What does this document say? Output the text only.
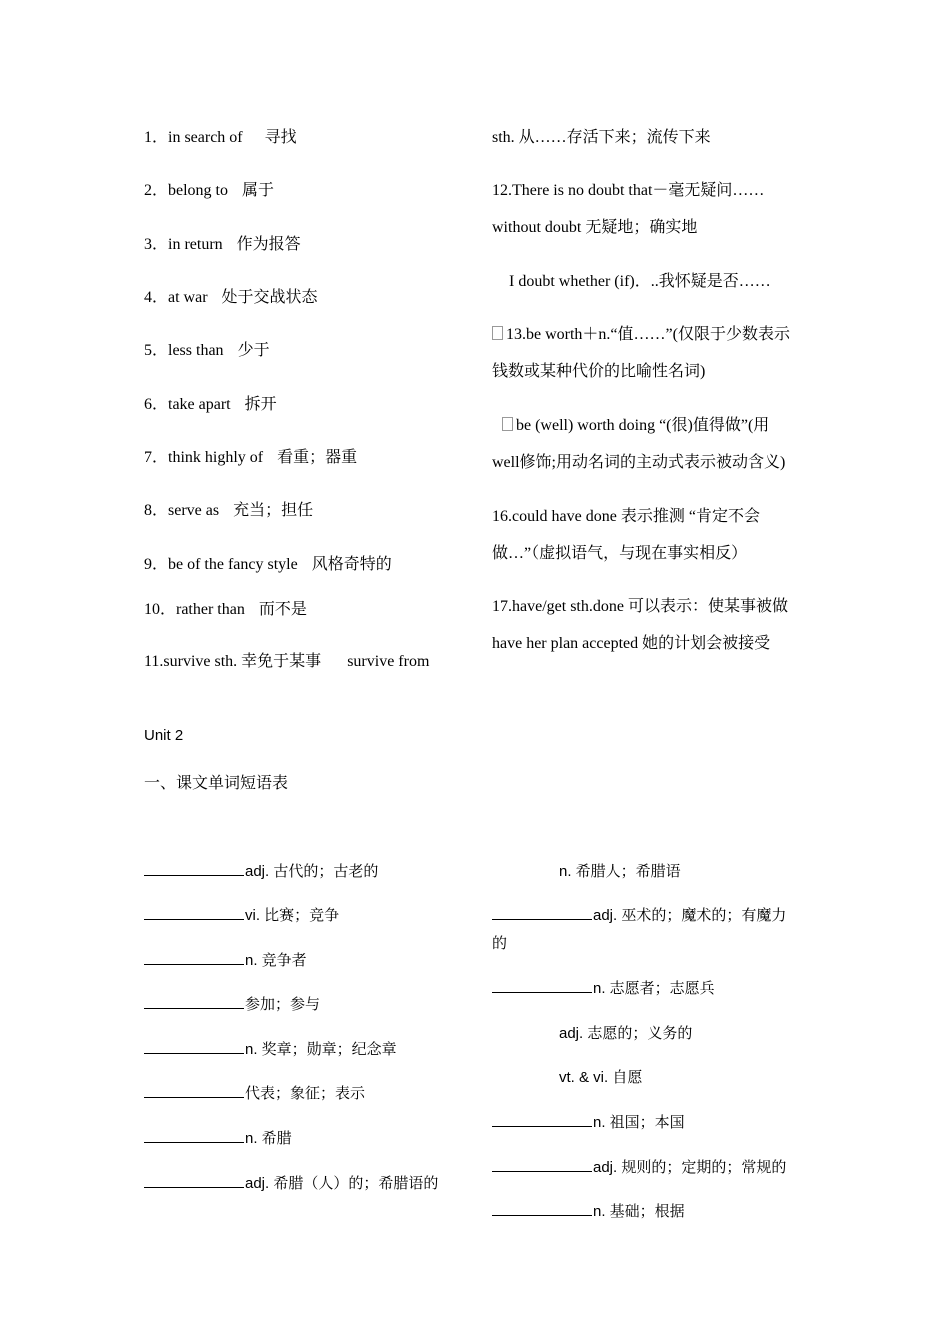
1．in search of 寻找
2．belong to 属于
3．in return 作为报答
4．at war 处于交战状态
5．less than 少于
6．take apart 拆开
7．think highly of 看重；器重
8．serve as 充当；担任
9．be of the fancy style 风格奇特的
10．rather than 而不是
11.survive sth. 幸免于某事 survive from
sth. 从……存活下来；流传下来
12.There is no doubt that－毫无疑问……
without doubt 无疑地；确实地
I doubt whether (if)．..我怀疑是否……
13.be worth＋n.“值……”(仅限于少数表示
钱数或某种代价的比喻性名词)
be (well) worth doing “(很)值得做”(用
well修饰;用动名词的主动式表示被动含义)
16.could have done 表示推测 “肯定不会
做…”（虚拟语气，与现在事实相反）
17.have/get sth.done 可以表示：使某事被做
have her plan accepted 她的计划会被接受
Unit 2
一、课文单词短语表
adj. 古代的；古老的
vi. 比赛；竞争
n. 竞争者
参加；参与
n. 奖章；勋章；纪念章
代表；象征；表示
n. 希腊
adj. 希腊（人）的；希腊语的
n. 希腊人；希腊语
adj. 巫术的；魔术的；有魔力
的
n. 志愿者；志愿兵
adj. 志愿的；义务的
vt. & vi. 自愿
n. 祖国；本国
adj. 规则的；定期的；常规的
n. 基础；根据
